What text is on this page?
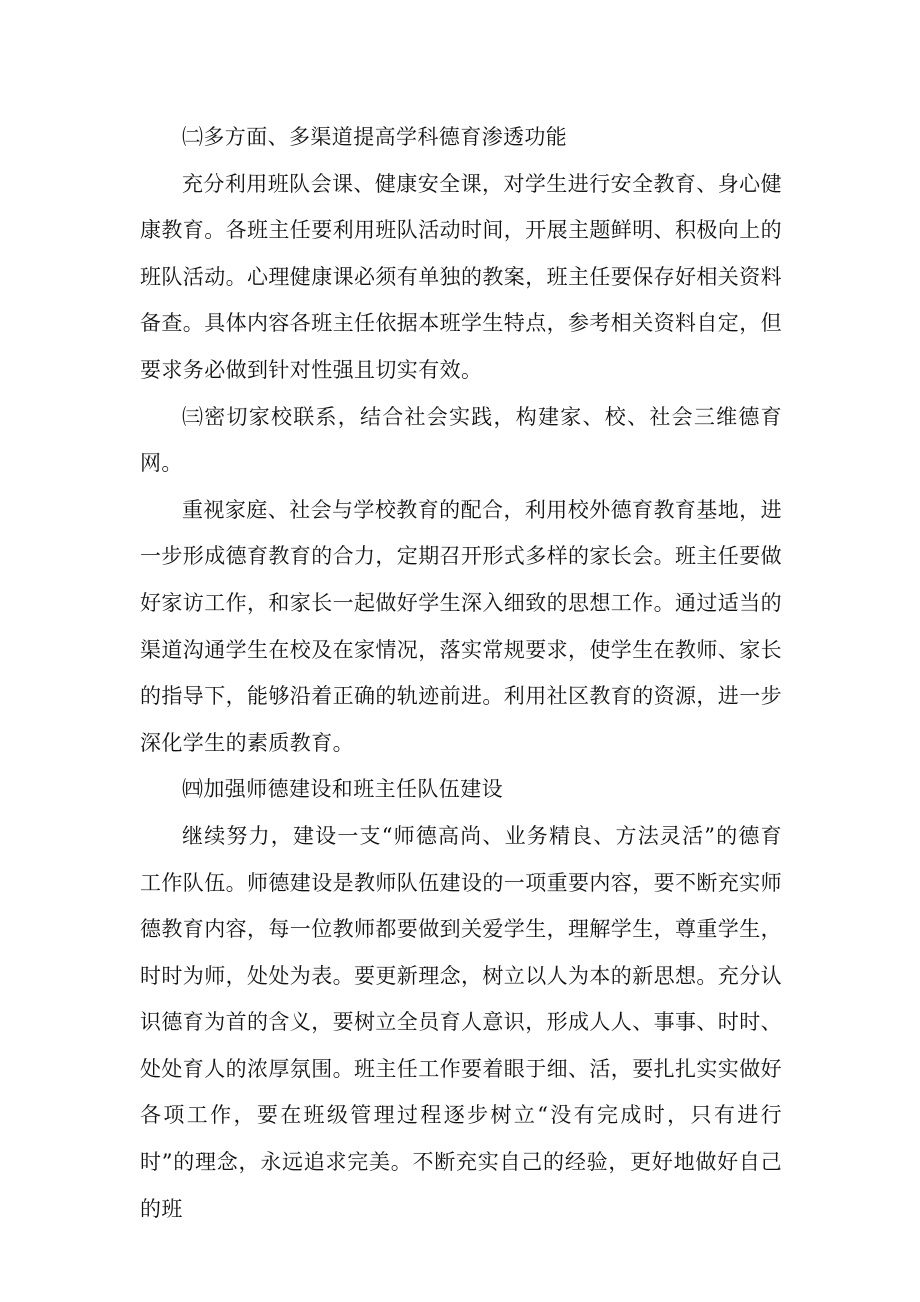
㈡多方面、多渠道提高学科德育渗透功能

充分利用班队会课、健康安全课，对学生进行安全教育、身心健康教育。各班主任要利用班队活动时间，开展主题鲜明、积极向上的班队活动。心理健康课必须有单独的教案，班主任要保存好相关资料备查。具体内容各班主任依据本班学生特点，参考相关资料自定，但要求务必做到针对性强且切实有效。

㈢密切家校联系，结合社会实践，构建家、校、社会三维德育网。

重视家庭、社会与学校教育的配合，利用校外德育教育基地，进一步形成德育教育的合力，定期召开形式多样的家长会。班主任要做好家访工作，和家长一起做好学生深入细致的思想工作。通过适当的渠道沟通学生在校及在家情况，落实常规要求，使学生在教师、家长的指导下，能够沿着正确的轨迹前进。利用社区教育的资源，进一步深化学生的素质教育。

㈣加强师德建设和班主任队伍建设

继续努力，建设一支“师德高尚、业务精良、方法灵活”的德育工作队伍。师德建设是教师队伍建设的一项重要内容，要不断充实师德教育内容，每一位教师都要做到关爱学生，理解学生，尊重学生，时时为师，处处为表。要更新理念，树立以人为本的新思想。充分认识德育为首的含义，要树立全员育人意识，形成人人、事事、时时、处处育人的浓厚氛围。班主任工作要着眼于细、活，要扎扎实实做好各项工作，要在班级管理过程逐步树立“没有完成时，只有进行时”的理念，永远追求完美。不断充实自己的经验，更好地做好自己的班
